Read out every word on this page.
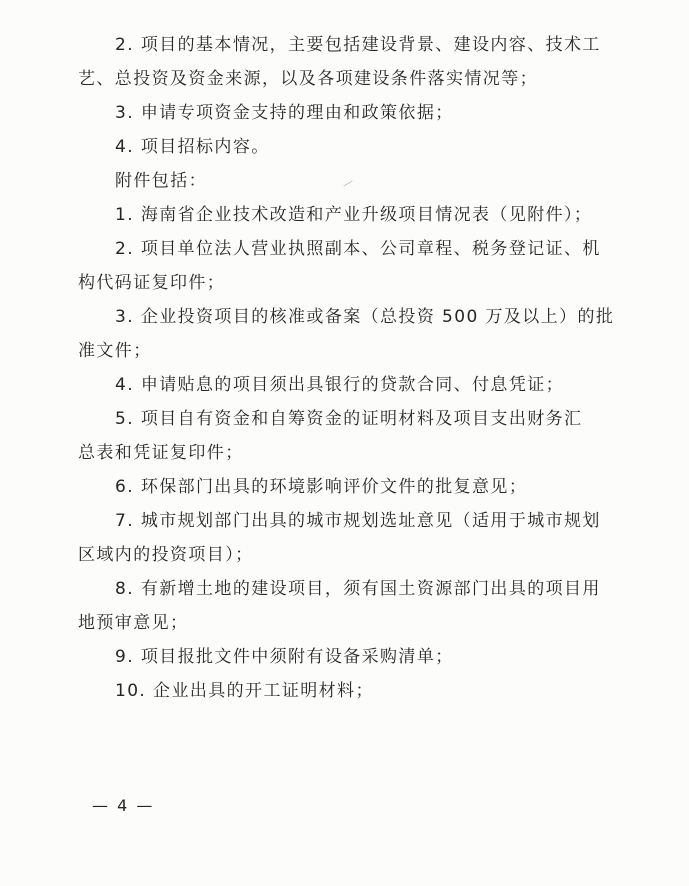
2. 项目的基本情况，主要包括建设背景、建设内容、技术工

艺、总投资及资金来源，以及各项建设条件落实情况等；

3. 申请专项资金支持的理由和政策依据；

4. 项目招标内容。

附件包括：

1. 海南省企业技术改造和产业升级项目情况表（见附件）；

2. 项目单位法人营业执照副本、公司章程、税务登记证、机

构代码证复印件；

3. 企业投资项目的核准或备案（总投资 500 万及以上）的批

准文件；

4. 申请贴息的项目须出具银行的贷款合同、付息凭证；

5. 项目自有资金和自筹资金的证明材料及项目支出财务汇

总表和凭证复印件；

6. 环保部门出具的环境影响评价文件的批复意见；

7. 城市规划部门出具的城市规划选址意见（适用于城市规划

区域内的投资项目）；

8. 有新增土地的建设项目，须有国土资源部门出具的项目用

地预审意见；

9. 项目报批文件中须附有设备采购清单；

10. 企业出具的开工证明材料；

— 4 —
